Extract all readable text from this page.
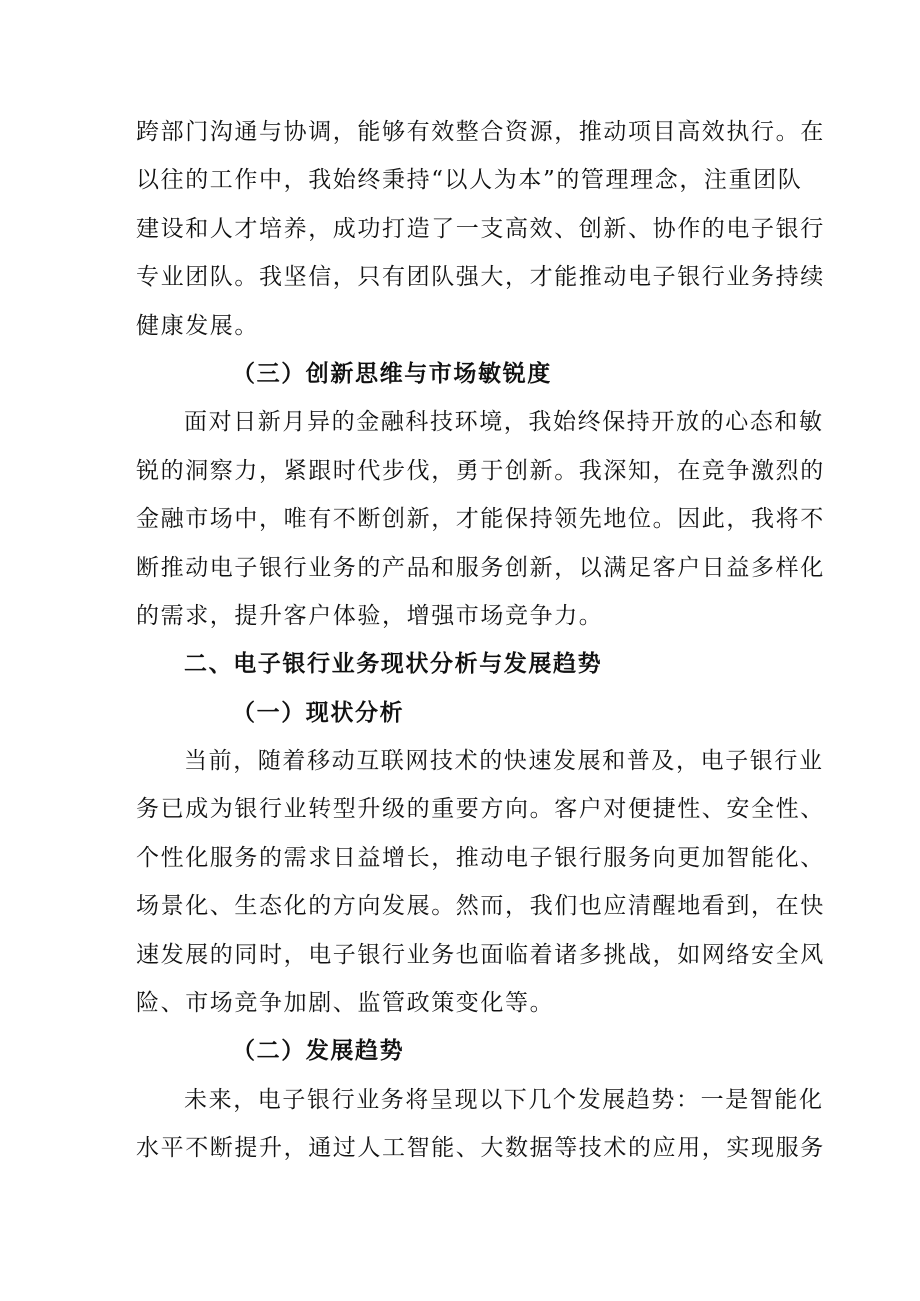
跨部门沟通与协调，能够有效整合资源，推动项目高效执行。在
以往的工作中，我始终秉持“以人为本”的管理理念，注重团队
建设和人才培养，成功打造了一支高效、创新、协作的电子银行
专业团队。我坚信，只有团队强大，才能推动电子银行业务持续
健康发展。

（三）创新思维与市场敏锐度

面对日新月异的金融科技环境，我始终保持开放的心态和敏
锐的洞察力，紧跟时代步伐，勇于创新。我深知，在竞争激烈的
金融市场中，唯有不断创新，才能保持领先地位。因此，我将不
断推动电子银行业务的产品和服务创新，以满足客户日益多样化
的需求，提升客户体验，增强市场竞争力。

二、电子银行业务现状分析与发展趋势
（一）现状分析

当前，随着移动互联网技术的快速发展和普及，电子银行业
务已成为银行业转型升级的重要方向。客户对便捷性、安全性、
个性化服务的需求日益增长，推动电子银行服务向更加智能化、
场景化、生态化的方向发展。然而，我们也应清醒地看到，在快
速发展的同时，电子银行业务也面临着诸多挑战，如网络安全风
险、市场竞争加剧、监管政策变化等。

（二）发展趋势

未来，电子银行业务将呈现以下几个发展趋势：一是智能化
水平不断提升，通过人工智能、大数据等技术的应用，实现服务
